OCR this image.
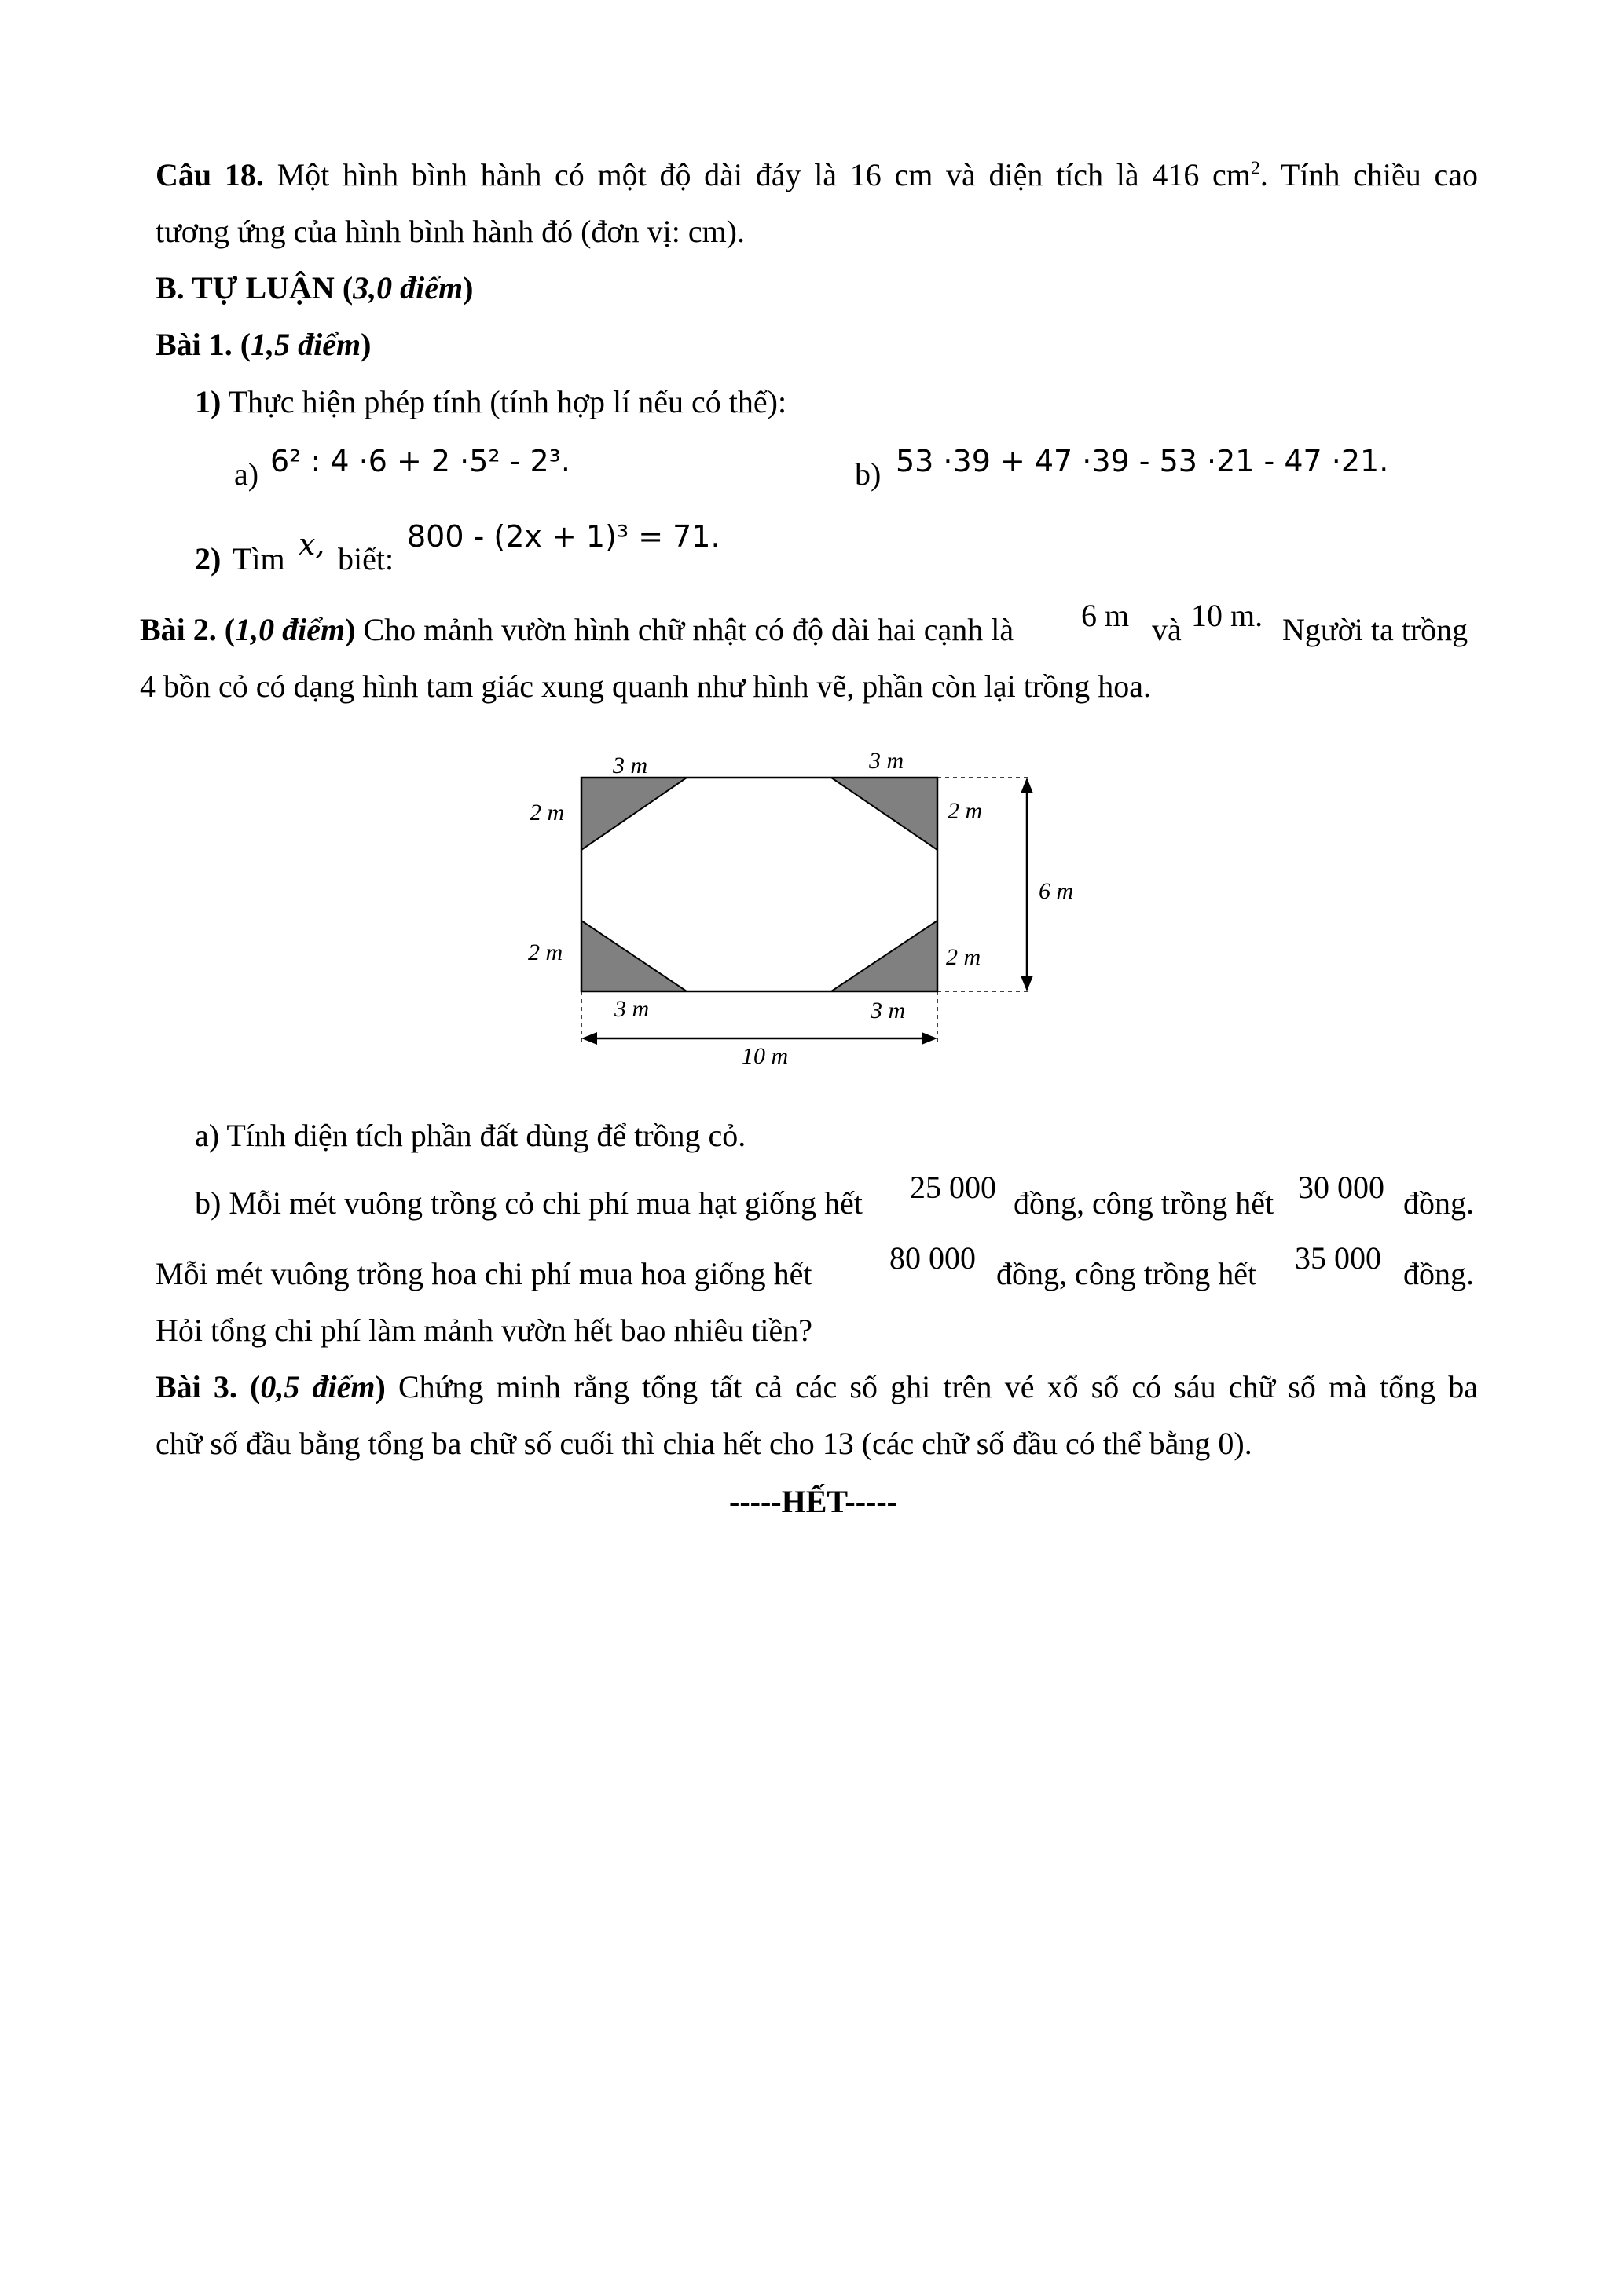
Câu 18. Một hình bình hành có một độ dài đáy là 16 cm và diện tích là 416 $cm^2$. Tính chiều cao
tương ứng của hình bình hành đó (đơn vị: cm).
B. TỰ LUẬN (3,0 điểm)
Bài 1. (1,5 điểm)
1) Thực hiện phép tính (tính hợp lí nếu có thể):
a) 6² : 4 ·6 + 2 ·5² - 2³.	b) 53 ·39 + 47 ·39 - 53 ·21 - 47 ·21.
2) Tìm x, biết:
800 - (2x + 1)³ = 71.
Bài 2. (1,0 điểm) Cho mảnh vườn hình chữ nhật có độ dài hai cạnh là 6 m và 10 m. Người ta trồng
4 bồn cỏ có dạng hình tam giác xung quanh như hình vẽ, phần còn lại trồng hoa.
3 m	3 m
2 m	2 m
6 m
2 m	2 m
3 m	3 m
10 m
a) Tính diện tích phần đất dùng để trồng cỏ.
b) Mỗi mét vuông trồng cỏ chi phí mua hạt giống hết 25 000 đồng, công trồng hết 30 000 đồng.
Mỗi mét vuông trồng hoa chi phí mua hoa giống hết 80 000 đồng, công trồng hết 35 000 đồng.
Hỏi tổng chi phí làm mảnh vườn hết bao nhiêu tiền?
Bài 3. (0,5 điểm) Chứng minh rằng tổng tất cả các số ghi trên vé xổ số có sáu chữ số mà tổng ba
chữ số đầu bằng tổng ba chữ số cuối thì chia hết cho 13 (các chữ số đầu có thể bằng 0).
-----HẾT-----
